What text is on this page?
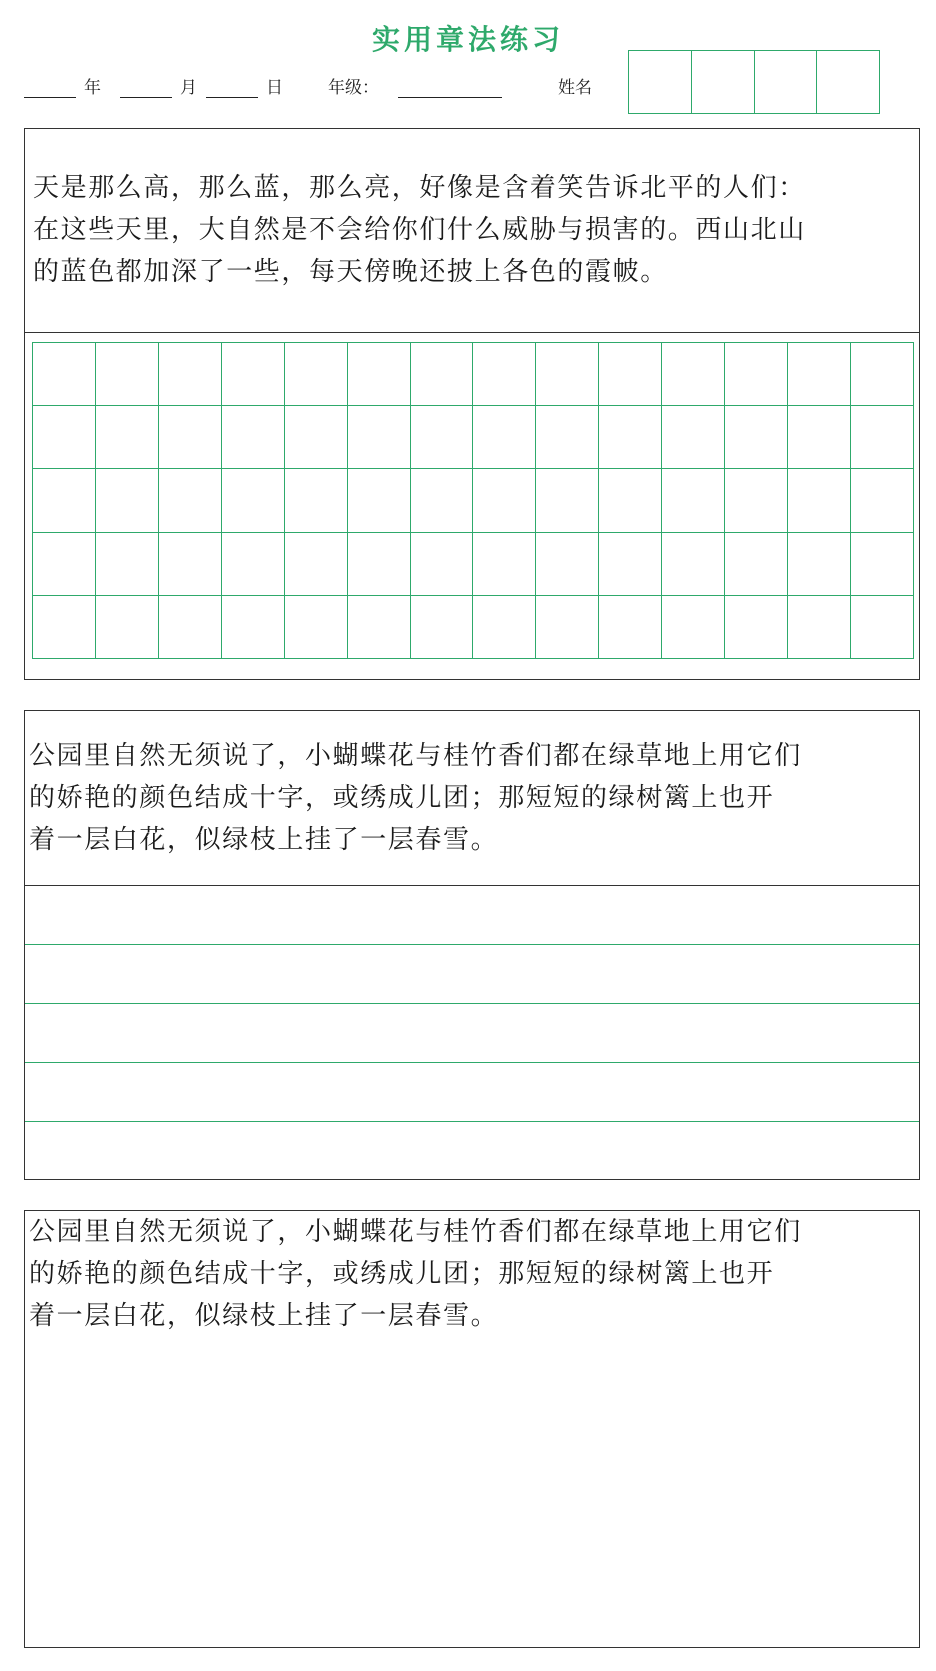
实用章法练习
年	月	日	年级：	姓名
天是那么高，那么蓝，那么亮，好像是含着笑告诉北平的人们：
在这些天里，大自然是不会给你们什么威胁与损害的。西山北山
的蓝色都加深了一些，每天傍晚还披上各色的霞帔。
公园里自然无须说了，小蝴蝶花与桂竹香们都在绿草地上用它们
的娇艳的颜色结成十字，或绣成儿团；那短短的绿树篱上也开
着一层白花，似绿枝上挂了一层春雪。
公园里自然无须说了，小蝴蝶花与桂竹香们都在绿草地上用它们
的娇艳的颜色结成十字，或绣成儿团；那短短的绿树篱上也开
着一层白花，似绿枝上挂了一层春雪。
